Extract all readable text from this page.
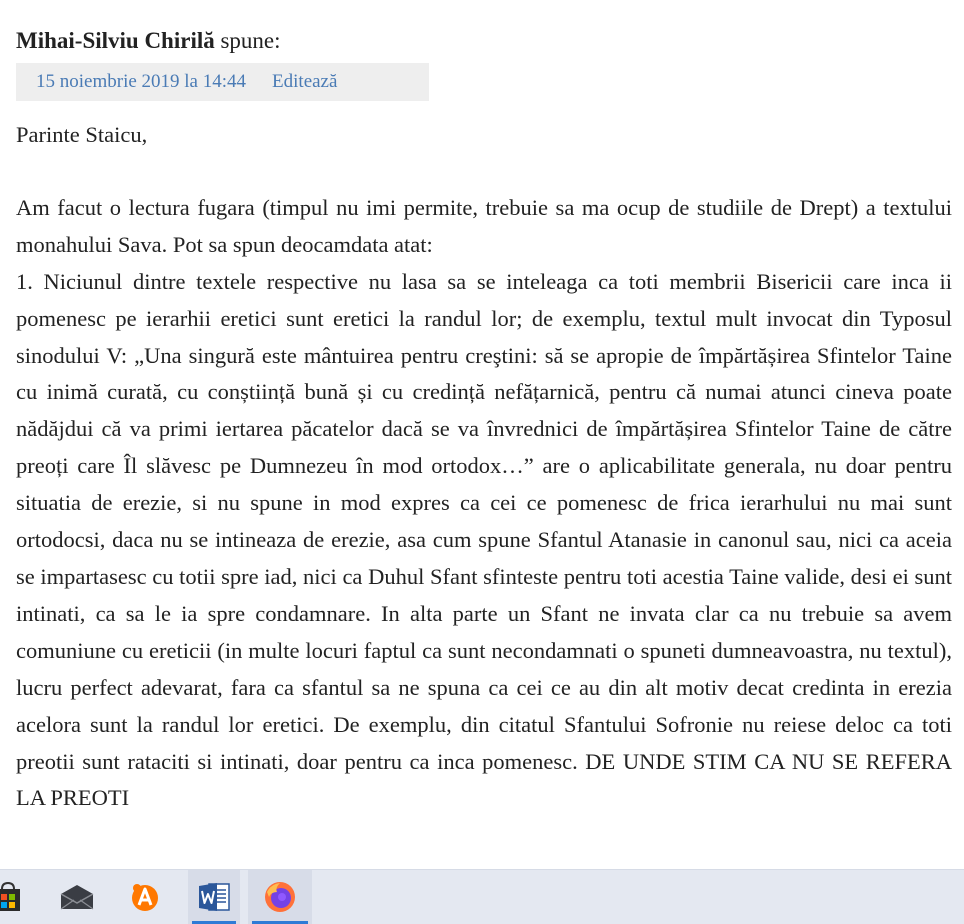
Mihai-Silviu Chirilă spune:
15 noiembrie 2019 la 14:44 Editează

Parinte Staicu,

Am facut o lectura fugara (timpul nu imi permite, trebuie sa ma ocup de studiile de Drept) a textului monahului Sava. Pot sa spun deocamdata atat:
1. Niciunul dintre textele respective nu lasa sa se inteleaga ca toti membrii Bisericii care inca ii pomenesc pe ierarhii eretici sunt eretici la randul lor; de exemplu, textul mult invocat din Typosul sinodului V: „Una singură este mântuirea pentru creştini: să se apropie de împărtășirea Sfintelor Taine cu inimă curată, cu conștiință bună și cu credință nefățarnică, pentru că numai atunci cineva poate nădăjdui că va primi iertarea păcatelor dacă se va învrednici de împărtășirea Sfintelor Taine de către preoți care Îl slăvesc pe Dumnezeu în mod ortodox…” are o aplicabilitate generala, nu doar pentru situatia de erezie, si nu spune in mod expres ca cei ce pomenesc de frica ierarhului nu mai sunt ortodocsi, daca nu se intineaza de erezie, asa cum spune Sfantul Atanasie in canonul sau, nici ca aceia se impartasesc cu totii spre iad, nici ca Duhul Sfant sfinteste pentru toti acestia Taine valide, desi ei sunt intinati, ca sa le ia spre condamnare. In alta parte un Sfant ne invata clar ca nu trebuie sa avem comuniune cu ereticii (in multe locuri faptul ca sunt necondamnati o spuneti dumneavoastra, nu textul), lucru perfect adevarat, fara ca sfantul sa ne spuna ca cei ce au din alt motiv decat credinta in erezia acelora sunt la randul lor eretici. De exemplu, din citatul Sfantului Sofronie nu reiese deloc ca toti preotii sunt rataciti si intinati, doar pentru ca inca pomenesc. DE UNDE STIM CA NU SE REFERA LA PREOTI
